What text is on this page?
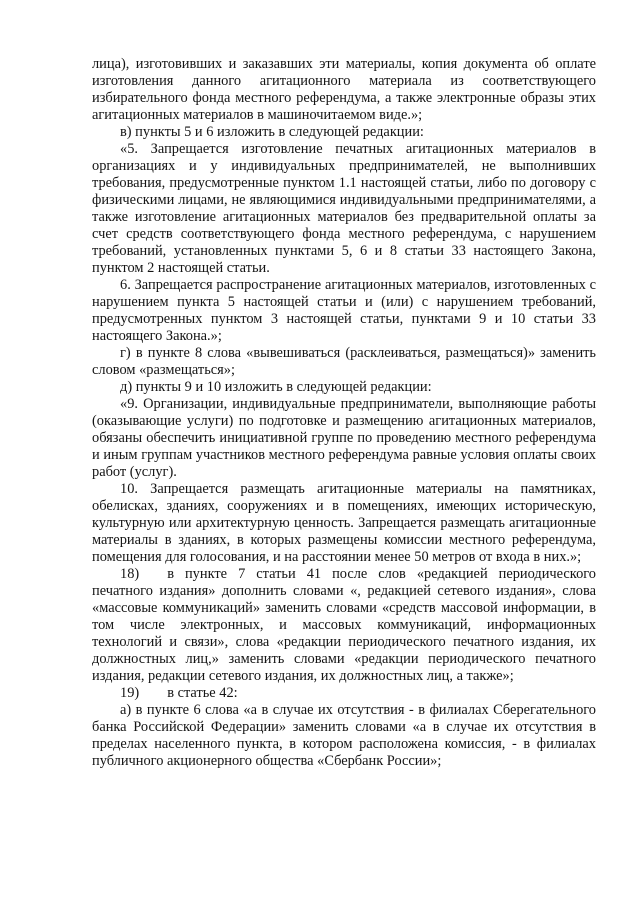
лица), изготовивших и заказавших эти материалы, копия документа об оплате изготовления данного агитационного материала из соответствующего избирательного фонда местного референдума, а также электронные образы этих агитационных материалов в машиночитаемом виде.»;

в) пункты 5 и 6 изложить в следующей редакции:

«5. Запрещается изготовление печатных агитационных материалов в организациях и у индивидуальных предпринимателей, не выполнивших требования, предусмотренные пунктом 1.1 настоящей статьи, либо по договору с физическими лицами, не являющимися индивидуальными предпринимателями, а также изготовление агитационных материалов без предварительной оплаты за счет средств соответствующего фонда местного референдума, с нарушением требований, установленных пунктами 5, 6 и 8 статьи 33 настоящего Закона, пунктом 2 настоящей статьи.

6. Запрещается распространение агитационных материалов, изготовленных с нарушением пункта 5 настоящей статьи и (или) с нарушением требований, предусмотренных пунктом 3 настоящей статьи, пунктами 9 и 10 статьи 33 настоящего Закона.»;

г) в пункте 8 слова «вывешиваться (расклеиваться, размещаться)» заменить словом «размещаться»;

д) пункты 9 и 10 изложить в следующей редакции:

«9. Организации, индивидуальные предприниматели, выполняющие работы (оказывающие услуги) по подготовке и размещению агитационных материалов, обязаны обеспечить инициативной группе по проведению местного референдума и иным группам участников местного референдума равные условия оплаты своих работ (услуг).

10. Запрещается размещать агитационные материалы на памятниках, обелисках, зданиях, сооружениях и в помещениях, имеющих историческую, культурную или архитектурную ценность. Запрещается размещать агитационные материалы в зданиях, в которых размещены комиссии местного референдума, помещения для голосования, и на расстоянии менее 50 метров от входа в них.»;

18) в пункте 7 статьи 41 после слов «редакцией периодического печатного издания» дополнить словами «, редакцией сетевого издания», слова «массовые коммуникаций» заменить словами «средств массовой информации, в том числе электронных, и массовых коммуникаций, информационных технологий и связи», слова «редакции периодического печатного издания, их должностных лиц,» заменить словами «редакции периодического печатного издания, редакции сетевого издания, их должностных лиц, а также»;

19) в статье 42:

а) в пункте 6 слова «а в случае их отсутствия - в филиалах Сберегательного банка Российской Федерации» заменить словами «а в случае их отсутствия в пределах населенного пункта, в котором расположена комиссия, - в филиалах публичного акционерного общества «Сбербанк России»;
